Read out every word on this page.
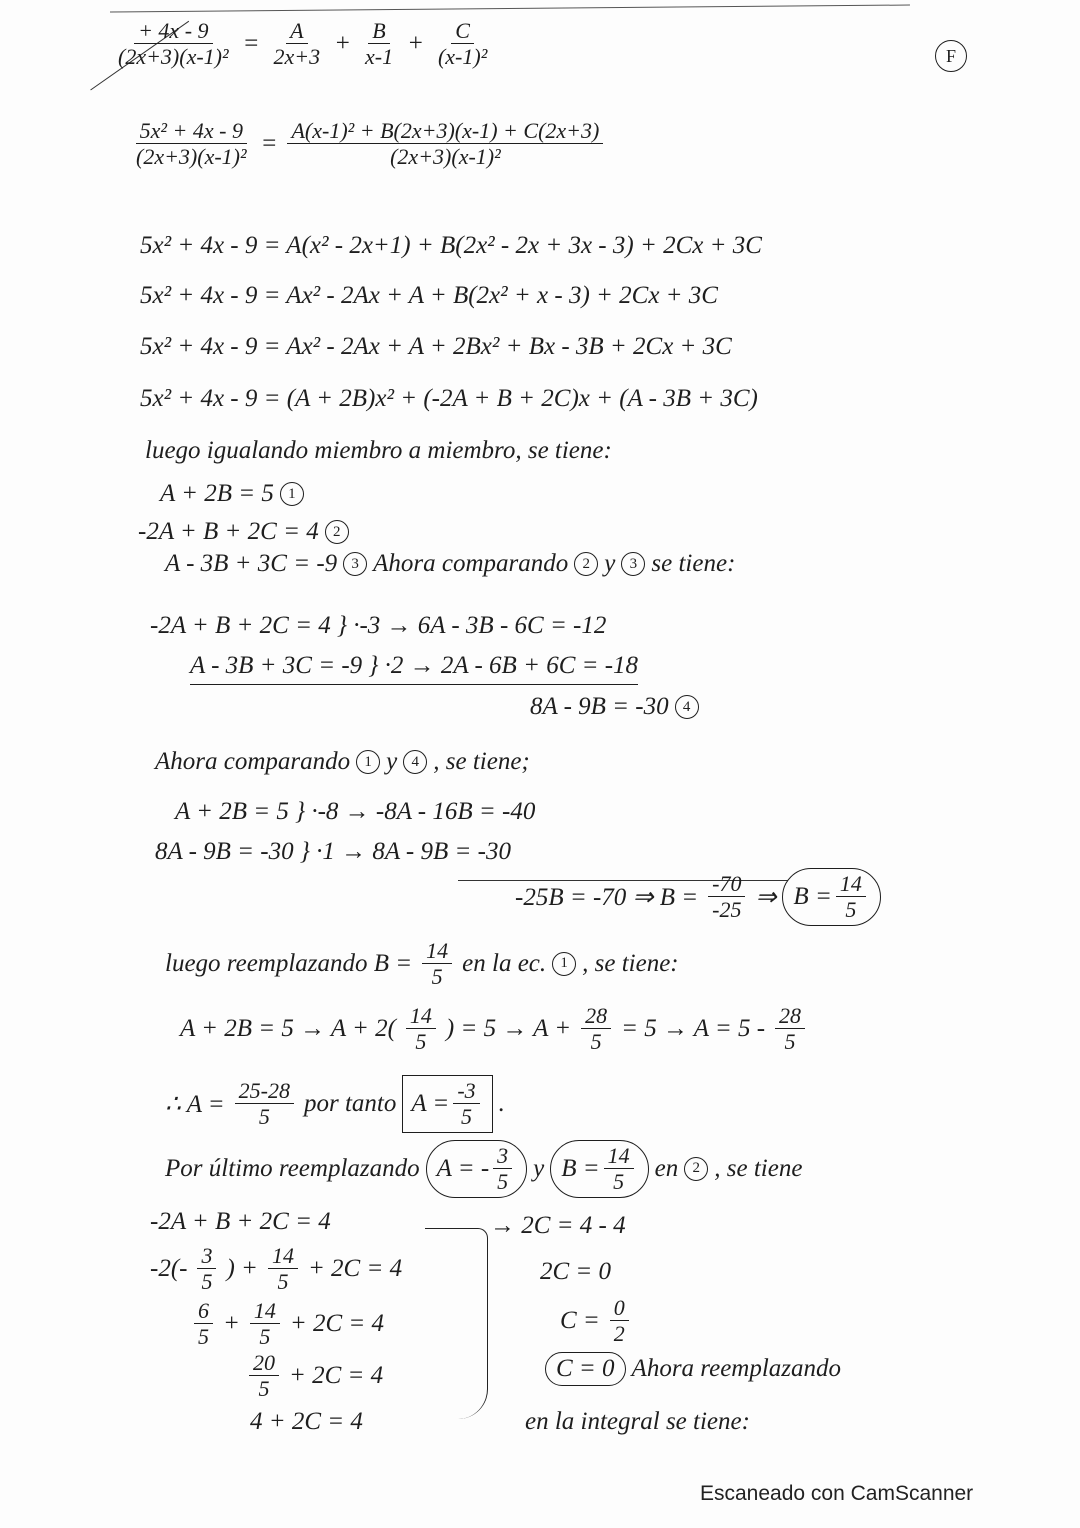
F
$\frac{+ 4x - 9}{\text{(2x+3)(x-1)²}} = \frac{A}{2x+3} + \frac{B}{x-1} + \frac{C}{\text{(x-1)²}}$
$\frac{\text{5x² + 4x - 9}}{\text{(2x+3)(x-1)²}} = \frac{\text{A(x-1)² + B(2x+3)(x-1) + C(2x+3)}}{\text{(2x+3)(x-1)²}}$
5x² + 4x - 9 = A(x² - 2x+1) + B(2x² - 2x + 3x - 3) + 2Cx + 3C
5x² + 4x - 9 = Ax² - 2Ax + A + B(2x² + x - 3) + 2Cx + 3C
5x² + 4x - 9 = Ax² - 2Ax + A + 2Bx² + Bx - 3B + 2Cx + 3C
5x² + 4x - 9 = (A + 2B)x² + (-2A + B + 2C)x + (A - 3B + 3C)
luego igualando miembro a miembro, se tiene:
A + 2B = 5 1
-2A + B + 2C = 4 2
A - 3B + 3C = -9 3 Ahora comparando 2 y 3 se tiene:
-2A + B + 2C = 4 } ·-3 → 6A - 3B - 6C = -12
A - 3B + 3C = -9 } ·2 → 2A - 6B + 6C = -18
8A - 9B = -30 4
Ahora comparando 1 y 4 , se tiene;
A + 2B = 5 } ·-8 → -8A - 16B = -40
8A - 9B = -30 } ·1 → 8A - 9B = -30
-25B = -70 ⇒ $B = \frac{-70}{-25}$ ⇒ $B = \frac{14}{5}$
luego reemplazando $B = \frac{14}{5}$ en la ec. 1 , se tiene:
$A + 2B = 5 \to A + 2( \frac{14}{5}$ ) = $5 \to A + \frac{28}{5} = 5 \to A = 5 - \frac{28}{5}$
∴ $A = \frac{25-28}{5}$ por tanto $A = \frac{-3}{5}$ .
Por último reemplazando A = - $\frac{3}{5}$ y $B = \frac{14}{5}$ en 2 , se tiene
-2A + B + 2C = 4
$-2(- \frac{3}{5}$ ) + $\frac{14}{5} + 2C = 4$
$\frac{6}{5} + \frac{14}{5} + 2C = 4$
$\frac{20}{5} + 2C = 4$
4 + 2C = 4
→ 2C = 4 - 4
2C = 0
$C = \frac{0}{2}$
C = 0 Ahora reemplazando
en la integral se tiene:
Escaneado con CamScanner
